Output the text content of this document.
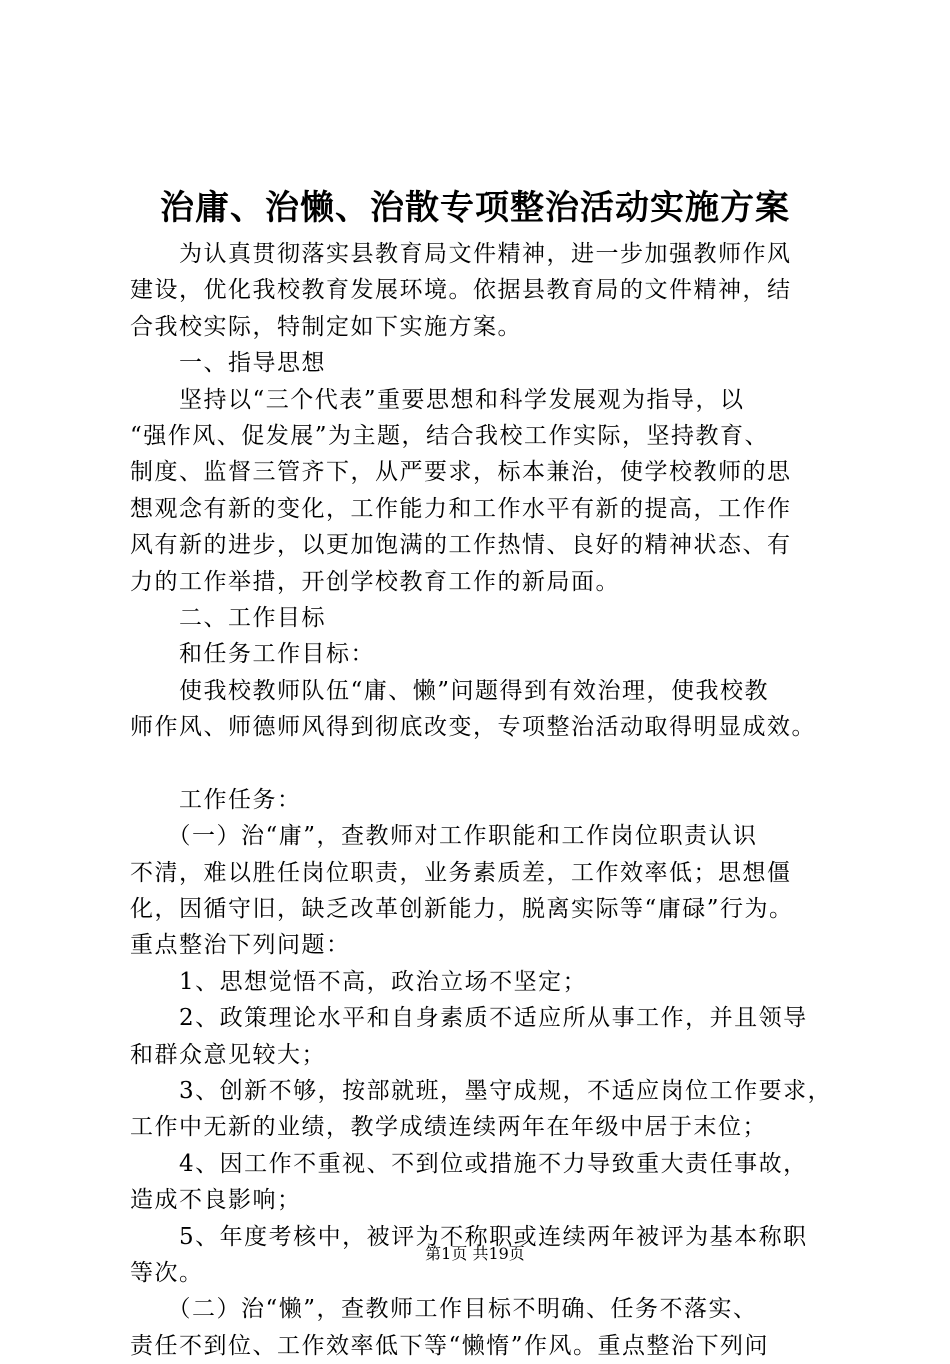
治庸、治懒、治散专项整治活动实施方案
　　为认真贯彻落实县教育局文件精神，进一步加强教师作风
建设，优化我校教育发展环境。依据县教育局的文件精神，结
合我校实际，特制定如下实施方案。
　　一、指导思想
　　坚持以“三个代表”重要思想和科学发展观为指导，以
“强作风、促发展”为主题，结合我校工作实际，坚持教育、
制度、监督三管齐下，从严要求，标本兼治，使学校教师的思
想观念有新的变化，工作能力和工作水平有新的提高，工作作
风有新的进步，以更加饱满的工作热情、良好的精神状态、有
力的工作举措，开创学校教育工作的新局面。
　　二、工作目标
　　和任务工作目标：
　　使我校教师队伍“庸、懒”问题得到有效治理，使我校教
师作风、师德师风得到彻底改变，专项整治活动取得明显成效。
　　工作任务：
　　（一）治“庸”，查教师对工作职能和工作岗位职责认识
不清，难以胜任岗位职责，业务素质差，工作效率低；思想僵
化，因循守旧，缺乏改革创新能力，脱离实际等“庸碌”行为。
重点整治下列问题：
　　1、思想觉悟不高，政治立场不坚定；
　　2、政策理论水平和自身素质不适应所从事工作，并且领导
和群众意见较大；
　　3、创新不够，按部就班，墨守成规，不适应岗位工作要求，
工作中无新的业绩，教学成绩连续两年在年级中居于末位；
　　4、因工作不重视、不到位或措施不力导致重大责任事故，
造成不良影响；
　　5、年度考核中，被评为不称职或连续两年被评为基本称职
等次。
　　（二）治“懒”，查教师工作目标不明确、任务不落实、
责任不到位、工作效率低下等“懒惰”作风。重点整治下列问
第1页 共19页
